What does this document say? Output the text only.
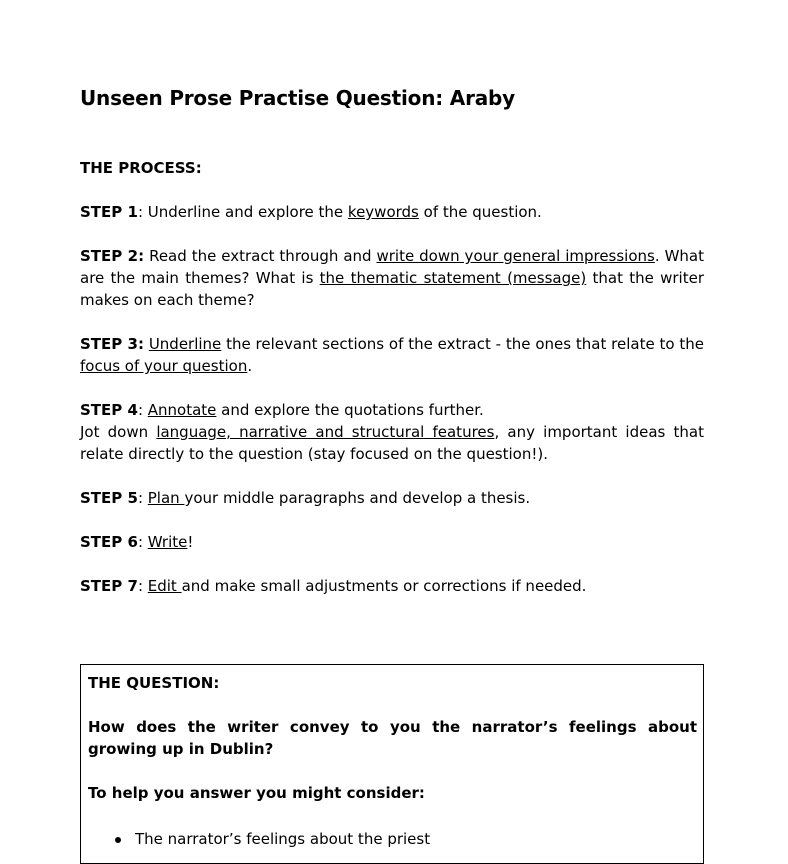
Unseen Prose Practise Question: Araby
THE PROCESS:
STEP 1: Underline and explore the keywords of the question.
STEP 2: Read the extract through and write down your general impressions. What are the main themes? What is the thematic statement (message) that the writer makes on each theme?
STEP 3: Underline the relevant sections of the extract - the ones that relate to the focus of your question.
STEP 4: Annotate and explore the quotations further.
Jot down language, narrative and structural features, any important ideas that relate directly to the question (stay focused on the question!).
STEP 5: Plan your middle paragraphs and develop a thesis.
STEP 6: Write!
STEP 7: Edit and make small adjustments or corrections if needed.
THE QUESTION:
How does the writer convey to you the narrator’s feelings about growing up in Dublin?
To help you answer you might consider:
The narrator’s feelings about the priest
